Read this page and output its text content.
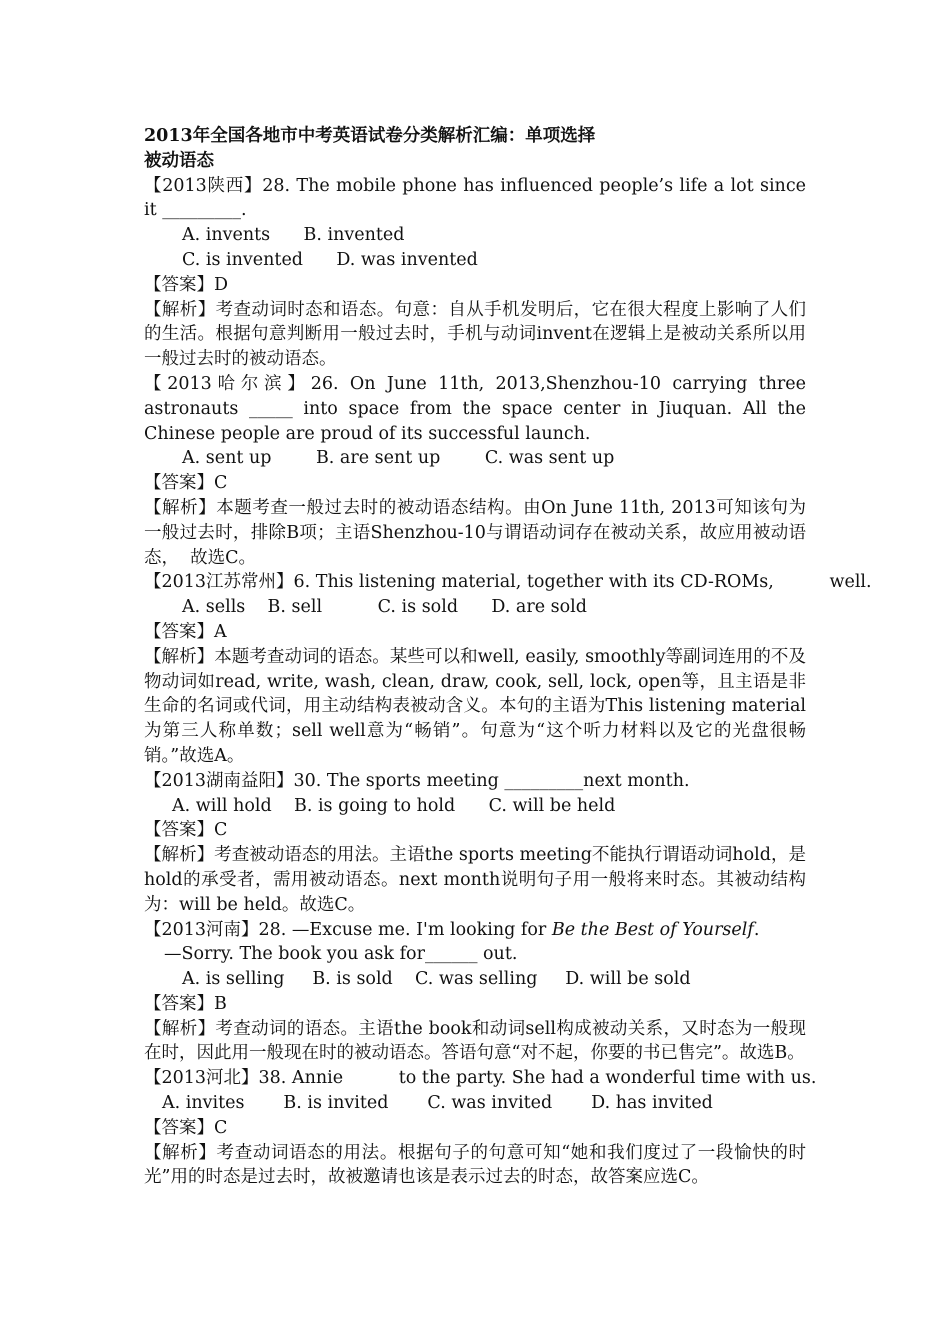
2013年全国各地市中考英语试卷分类解析汇编：单项选择
被动语态
【2013陕西】28. The mobile phone has influenced people’s life a lot since it _________.
A. invents      B. invented
C. is invented      D. was invented
【答案】D
【解析】考查动词时态和语态。句意：自从手机发明后，它在很大程度上影响了人们的生活。根据句意判断用一般过去时，手机与动词invent在逻辑上是被动关系所以用一般过去时的被动语态。
【2013哈尔滨】26. On June 11th, 2013,Shenzhou-10 carrying three astronauts _____ into space from the space center in Jiuquan. All the Chinese people are proud of its successful launch.
A. sent up        B. are sent up        C. was sent up
【答案】C
【解析】本题考查一般过去时的被动语态结构。由On June 11th, 2013可知该句为一般过去时，排除B项；主语Shenzhou-10与谓语动词存在被动关系，故应用被动语态，  故选C。
【2013江苏常州】6. This listening material, together with its CD-ROMs,          well.
A. sells    B. sell          C. is sold      D. are sold
【答案】A
【解析】本题考查动词的语态。某些可以和well, easily, smoothly等副词连用的不及物动词如read, write, wash, clean, draw, cook, sell, lock, open等，且主语是非生命的名词或代词，用主动结构表被动含义。本句的主语为This listening material为第三人称单数；sell well意为“畅销”。句意为“这个听力材料以及它的光盘很畅销。”故选A。
【2013湖南益阳】30. The sports meeting _________next month.
A. will hold    B. is going to hold      C. will be held
【答案】C
【解析】考查被动语态的用法。主语the sports meeting不能执行谓语动词hold，是hold的承受者，需用被动语态。next month说明句子用一般将来时态。其被动结构为：will be held。故选C。
【2013河南】28. —Excuse me. I'm looking for Be the Best of Yourself.
—Sorry. The book you ask for______ out.
A. is selling     B. is sold    C. was selling     D. will be sold
【答案】B
【解析】考查动词的语态。主语the book和动词sell构成被动关系，又时态为一般现在时，因此用一般现在时的被动语态。答语句意“对不起，你要的书已售完”。故选B。
【2013河北】38. Annie          to the party. She had a wonderful time with us.
A. invites       B. is invited       C. was invited       D. has invited
【答案】C
【解析】考查动词语态的用法。根据句子的句意可知“她和我们度过了一段愉快的时光”用的时态是过去时，故被邀请也该是表示过去的时态，故答案应选C。
